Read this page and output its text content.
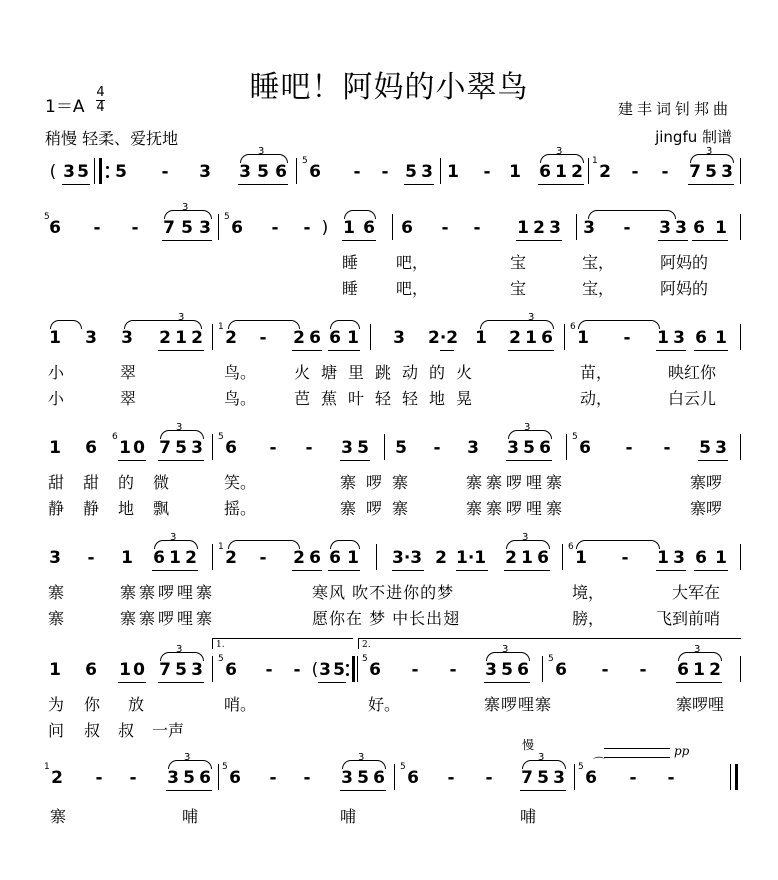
睡吧！阿妈的小翠鸟
1＝A
4
4
稍慢 轻柔、爱抚地
建丰词钊邦曲
jingfu 制谱
( 3 5 5 - 3 3 5 6
3
5
6 - - 5 3 1 - 1 6 1 2
3
1
2 - - 7 5 3
3
5
6 - - 7 5 3
3
5
6 - - ) 1 6 6 - - 1 2 3 3 - 3 3 6 1
睡 吧，	宝	宝，	阿妈的
睡 吧，	宝	宝，	阿妈的
1 3 3 2 1 2
3
1
2 - 2 6 6 1 3 2·2 1 2 1 6
3
6
1 - 1 3 6 1
小	翠	鸟。 火塘里跳动的火	苗，	映红你
小	翠	鸟。 芭蕉叶轻轻地晃	动，	白云儿
1 6
6
1 0 7 5 3
3
5
6 - - 3 5 5 - 3 3 5 6
3
5
6 - - 5 3
甜甜的微 笑。	寨啰寨	寨寨啰哩寨	寨啰
静静地飘 摇。	寨啰寨	寨寨啰哩寨	寨啰
3 - 1 6 1 2
3
1
2 - 2 6 6 1 3·3 2 1·1 2 1 6
3
6
1 - 1 3 6 1
寨	寨寨啰哩寨	寒风 吹不进你的梦	境，	大军在
寨	寨寨啰哩寨	愿你在 梦 中长出翅	膀，	飞到前哨
1.	2.
1 6 1 0 7 5 3
3
5
6 - - ( 3 5
5
6 - - 3 5 6
3
5
6 - - 6 1 2
3
为 你 放	哨。	好。	寨啰哩寨	寨啰哩
问 叔 叔 一声
慢	pp
1
2 - - 3 5 6
3
5
6 - - 3 5 6
3
5
6 - - 7 5 3
3
5
6
⌒
- -
寨	哺	哺	哺
